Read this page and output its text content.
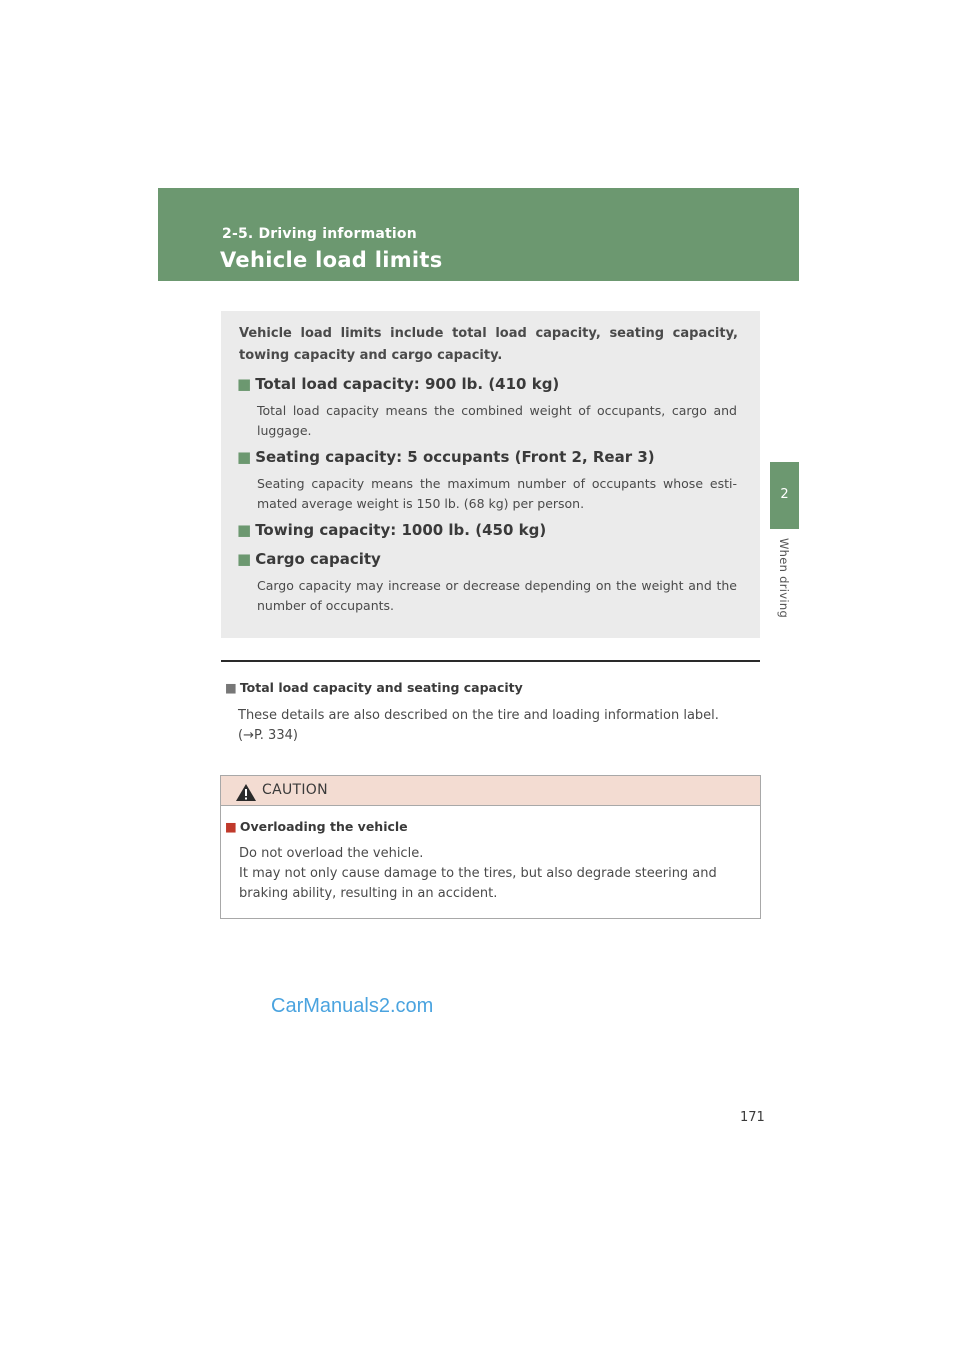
2-5. Driving information
Vehicle load limits
2
When driving
Vehicle load limits include total load capacity, seating capacity, towing capacity and cargo capacity.
■ Total load capacity: 900 lb. (410 kg)
Total load capacity means the combined weight of occupants, cargo and luggage.
■ Seating capacity: 5 occupants (Front 2, Rear 3)
Seating capacity means the maximum number of occupants whose esti- mated average weight is 150 lb. (68 kg) per person.
■ Towing capacity: 1000 lb. (450 kg)
■ Cargo capacity
Cargo capacity may increase or decrease depending on the weight and the number of occupants.
■ Total load capacity and seating capacity
These details are also described on the tire and loading information label.
(→P. 334)
CAUTION
■ Overloading the vehicle
Do not overload the vehicle.
It may not only cause damage to the tires, but also degrade steering and braking ability, resulting in an accident.
CarManuals2.com
171
